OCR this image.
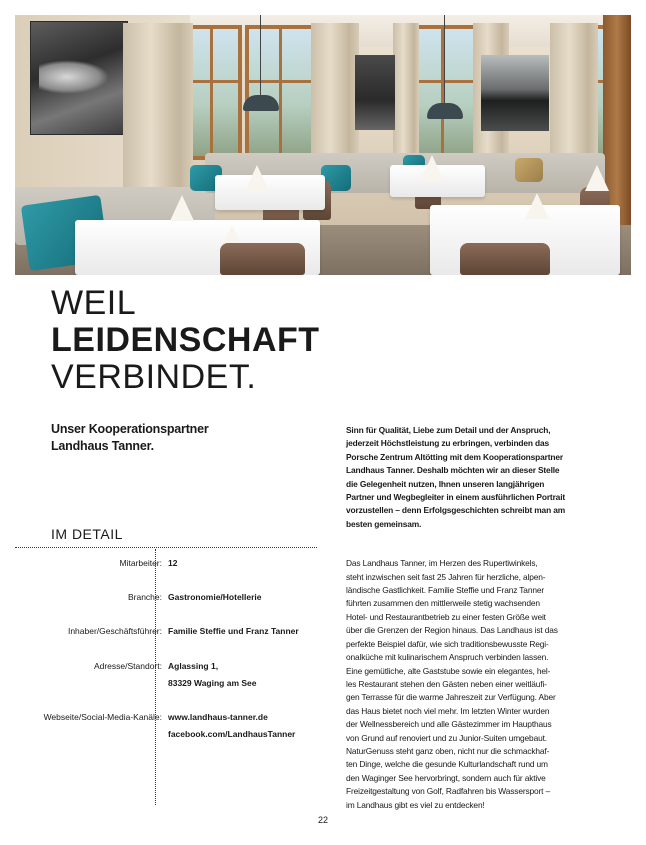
WEIL
LEIDENSCHAFT
VERBINDET.
Unser Kooperationspartner
Landhaus Tanner.
IM DETAIL
Mitarbeiter: 12
Branche: Gastronomie/Hotellerie
Inhaber/Geschäftsführer: Familie Steffie und Franz Tanner
Adresse/Standort: Aglassing 1,
83329 Waging am See
Webseite/Social-Media-Kanäle: www.landhaus-tanner.de
facebook.com/LandhausTanner

Sinn für Qualität, Liebe zum Detail und der Anspruch,
jederzeit Höchstleistung zu erbringen, verbinden das
Porsche Zentrum Altötting mit dem Kooperationspartner
Landhaus Tanner. Deshalb möchten wir an dieser Stelle
die Gelegenheit nutzen, Ihnen unseren langjährigen
Partner und Wegbegleiter in einem ausführlichen Portrait
vorzustellen – denn Erfolgsgeschichten schreibt man am
besten gemeinsam.

Das Landhaus Tanner, im Herzen des Rupertiwinkels,
steht inzwischen seit fast 25 Jahren für herzliche, alpen-
ländische Gastlichkeit. Familie Steffie und Franz Tanner
führten zusammen den mittlerweile stetig wachsenden
Hotel- und Restaurantbetrieb zu einer festen Größe weit
über die Grenzen der Region hinaus. Das Landhaus ist das
perfekte Beispiel dafür, wie sich traditionsbewusste Regi-
onalküche mit kulinarischem Anspruch verbinden lassen.
Eine gemütliche, alte Gaststube sowie ein elegantes, hel-
les Restaurant stehen den Gästen neben einer weitläufi-
gen Terrasse für die warme Jahreszeit zur Verfügung. Aber
das Haus bietet noch viel mehr. Im letzten Winter wurden
der Wellnessbereich und alle Gästezimmer im Haupthaus
von Grund auf renoviert und zu Junior-Suiten umgebaut.
NaturGenuss steht ganz oben, nicht nur die schmackhaf-
ten Dinge, welche die gesunde Kulturlandschaft rund um
den Waginger See hervorbringt, sondern auch für aktive
Freizeitgestaltung von Golf, Radfahren bis Wassersport –
im Landhaus gibt es viel zu entdecken!

22
